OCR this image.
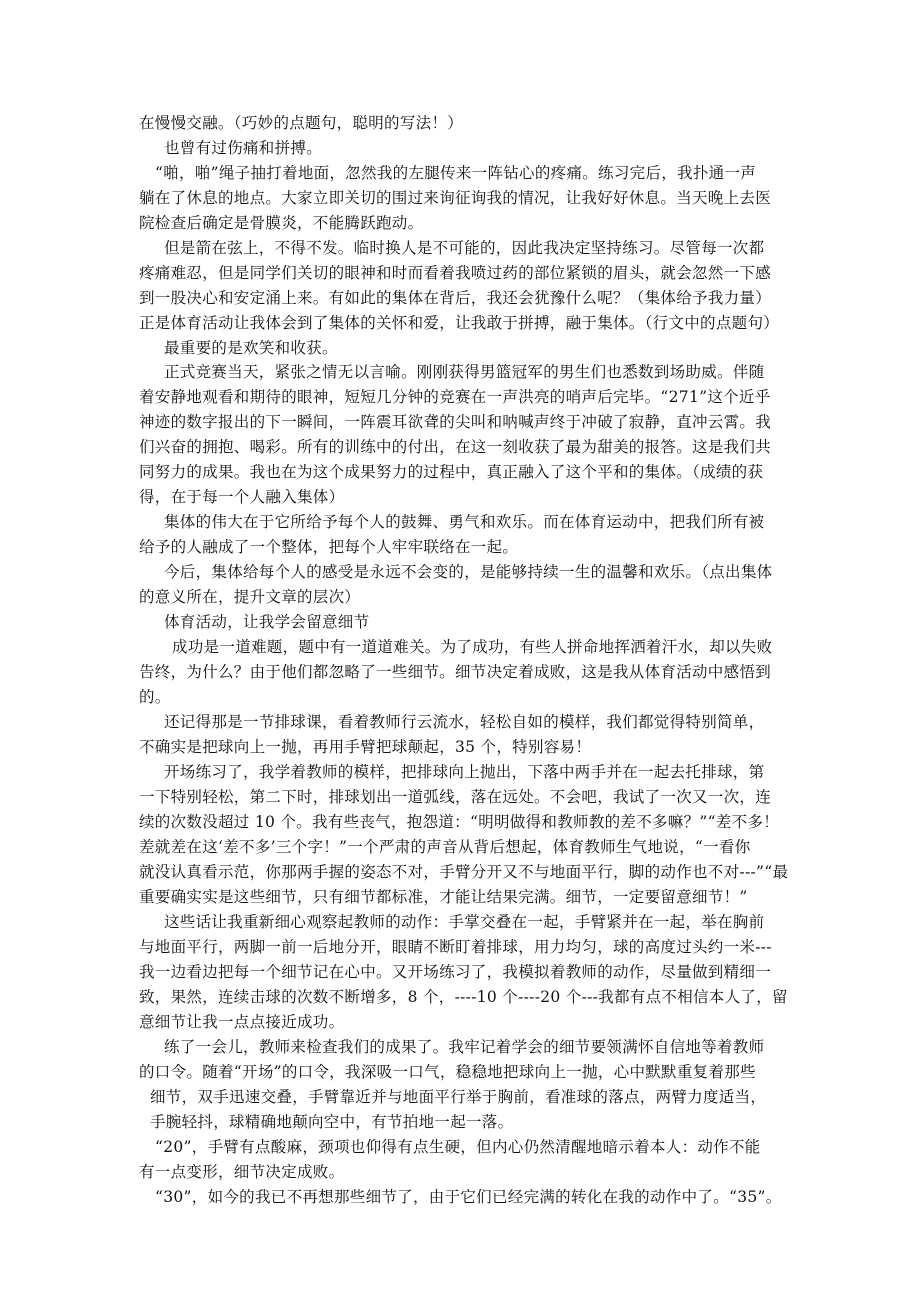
在慢慢交融。（巧妙的点题句，聪明的写法！）
也曾有过伤痛和拼搏。
“啪，啪”绳子抽打着地面，忽然我的左腿传来一阵钻心的疼痛。练习完后，我扑通一声
躺在了休息的地点。大家立即关切的围过来询征询我的情况，让我好好休息。当天晚上去医
院检查后确定是骨膜炎，不能腾跃跑动。
但是箭在弦上，不得不发。临时换人是不可能的，因此我决定坚持练习。尽管每一次都
疼痛难忍，但是同学们关切的眼神和时而看着我喷过药的部位紧锁的眉头，就会忽然一下感
到一股决心和安定涌上来。有如此的集体在背后，我还会犹豫什么呢？（集体给予我力量）
正是体育活动让我体会到了集体的关怀和爱，让我敢于拼搏，融于集体。（行文中的点题句）
最重要的是欢笑和收获。
正式竞赛当天，紧张之情无以言喻。刚刚获得男篮冠军的男生们也悉数到场助威。伴随
着安静地观看和期待的眼神，短短几分钟的竞赛在一声洪亮的哨声后完毕。“271”这个近乎
神迹的数字报出的下一瞬间，一阵震耳欲聋的尖叫和呐喊声终于冲破了寂静，直冲云霄。我
们兴奋的拥抱、喝彩。所有的训练中的付出，在这一刻收获了最为甜美的报答。这是我们共
同努力的成果。我也在为这个成果努力的过程中，真正融入了这个平和的集体。（成绩的获
得，在于每一个人融入集体）
集体的伟大在于它所给予每个人的鼓舞、勇气和欢乐。而在体育运动中，把我们所有被
给予的人融成了一个整体，把每个人牢牢联络在一起。
今后，集体给每个人的感受是永远不会变的，是能够持续一生的温馨和欢乐。（点出集体
的意义所在，提升文章的层次）
体育活动，让我学会留意细节
成功是一道难题，题中有一道道难关。为了成功，有些人拼命地挥洒着汗水，却以失败
告终，为什么？由于他们都忽略了一些细节。细节决定着成败，这是我从体育活动中感悟到
的。
还记得那是一节排球课，看着教师行云流水，轻松自如的模样，我们都觉得特别简单，
不确实是把球向上一抛，再用手臂把球颠起，35 个，特别容易！
开场练习了，我学着教师的模样，把排球向上抛出，下落中两手并在一起去托排球，第
一下特别轻松，第二下时，排球划出一道弧线，落在远处。不会吧，我试了一次又一次，连
续的次数没超过 10 个。我有些丧气，抱怨道：“明明做得和教师教的差不多嘛？”“差不多！
差就差在这‘差不多’三个字！”一个严肃的声音从背后想起，体育教师生气地说，“一看你
就没认真看示范，你那两手握的姿态不对，手臂分开又不与地面平行，脚的动作也不对---”“最
重要确实实是这些细节，只有细节都标准，才能让结果完满。细节，一定要留意细节！”
这些话让我重新细心观察起教师的动作：手掌交叠在一起，手臂紧并在一起，举在胸前
与地面平行，两脚一前一后地分开，眼睛不断盯着排球，用力均匀，球的高度过头约一米---
我一边看边把每一个细节记在心中。又开场练习了，我模拟着教师的动作，尽量做到精细一
致，果然，连续击球的次数不断增多，8 个，----10 个----20 个---我都有点不相信本人了，留
意细节让我一点点接近成功。
练了一会儿，教师来检查我们的成果了。我牢记着学会的细节要领满怀自信地等着教师
的口令。随着“开场”的口令，我深吸一口气，稳稳地把球向上一抛，心中默默重复着那些
细节，双手迅速交叠，手臂靠近并与地面平行举于胸前，看准球的落点，两臂力度适当，
手腕轻抖，球精确地颠向空中，有节拍地一起一落。
“20”，手臂有点酸麻，颈项也仰得有点生硬，但内心仍然清醒地暗示着本人：动作不能
有一点变形，细节决定成败。
“30”，如今的我已不再想那些细节了，由于它们已经完满的转化在我的动作中了。“35”。
